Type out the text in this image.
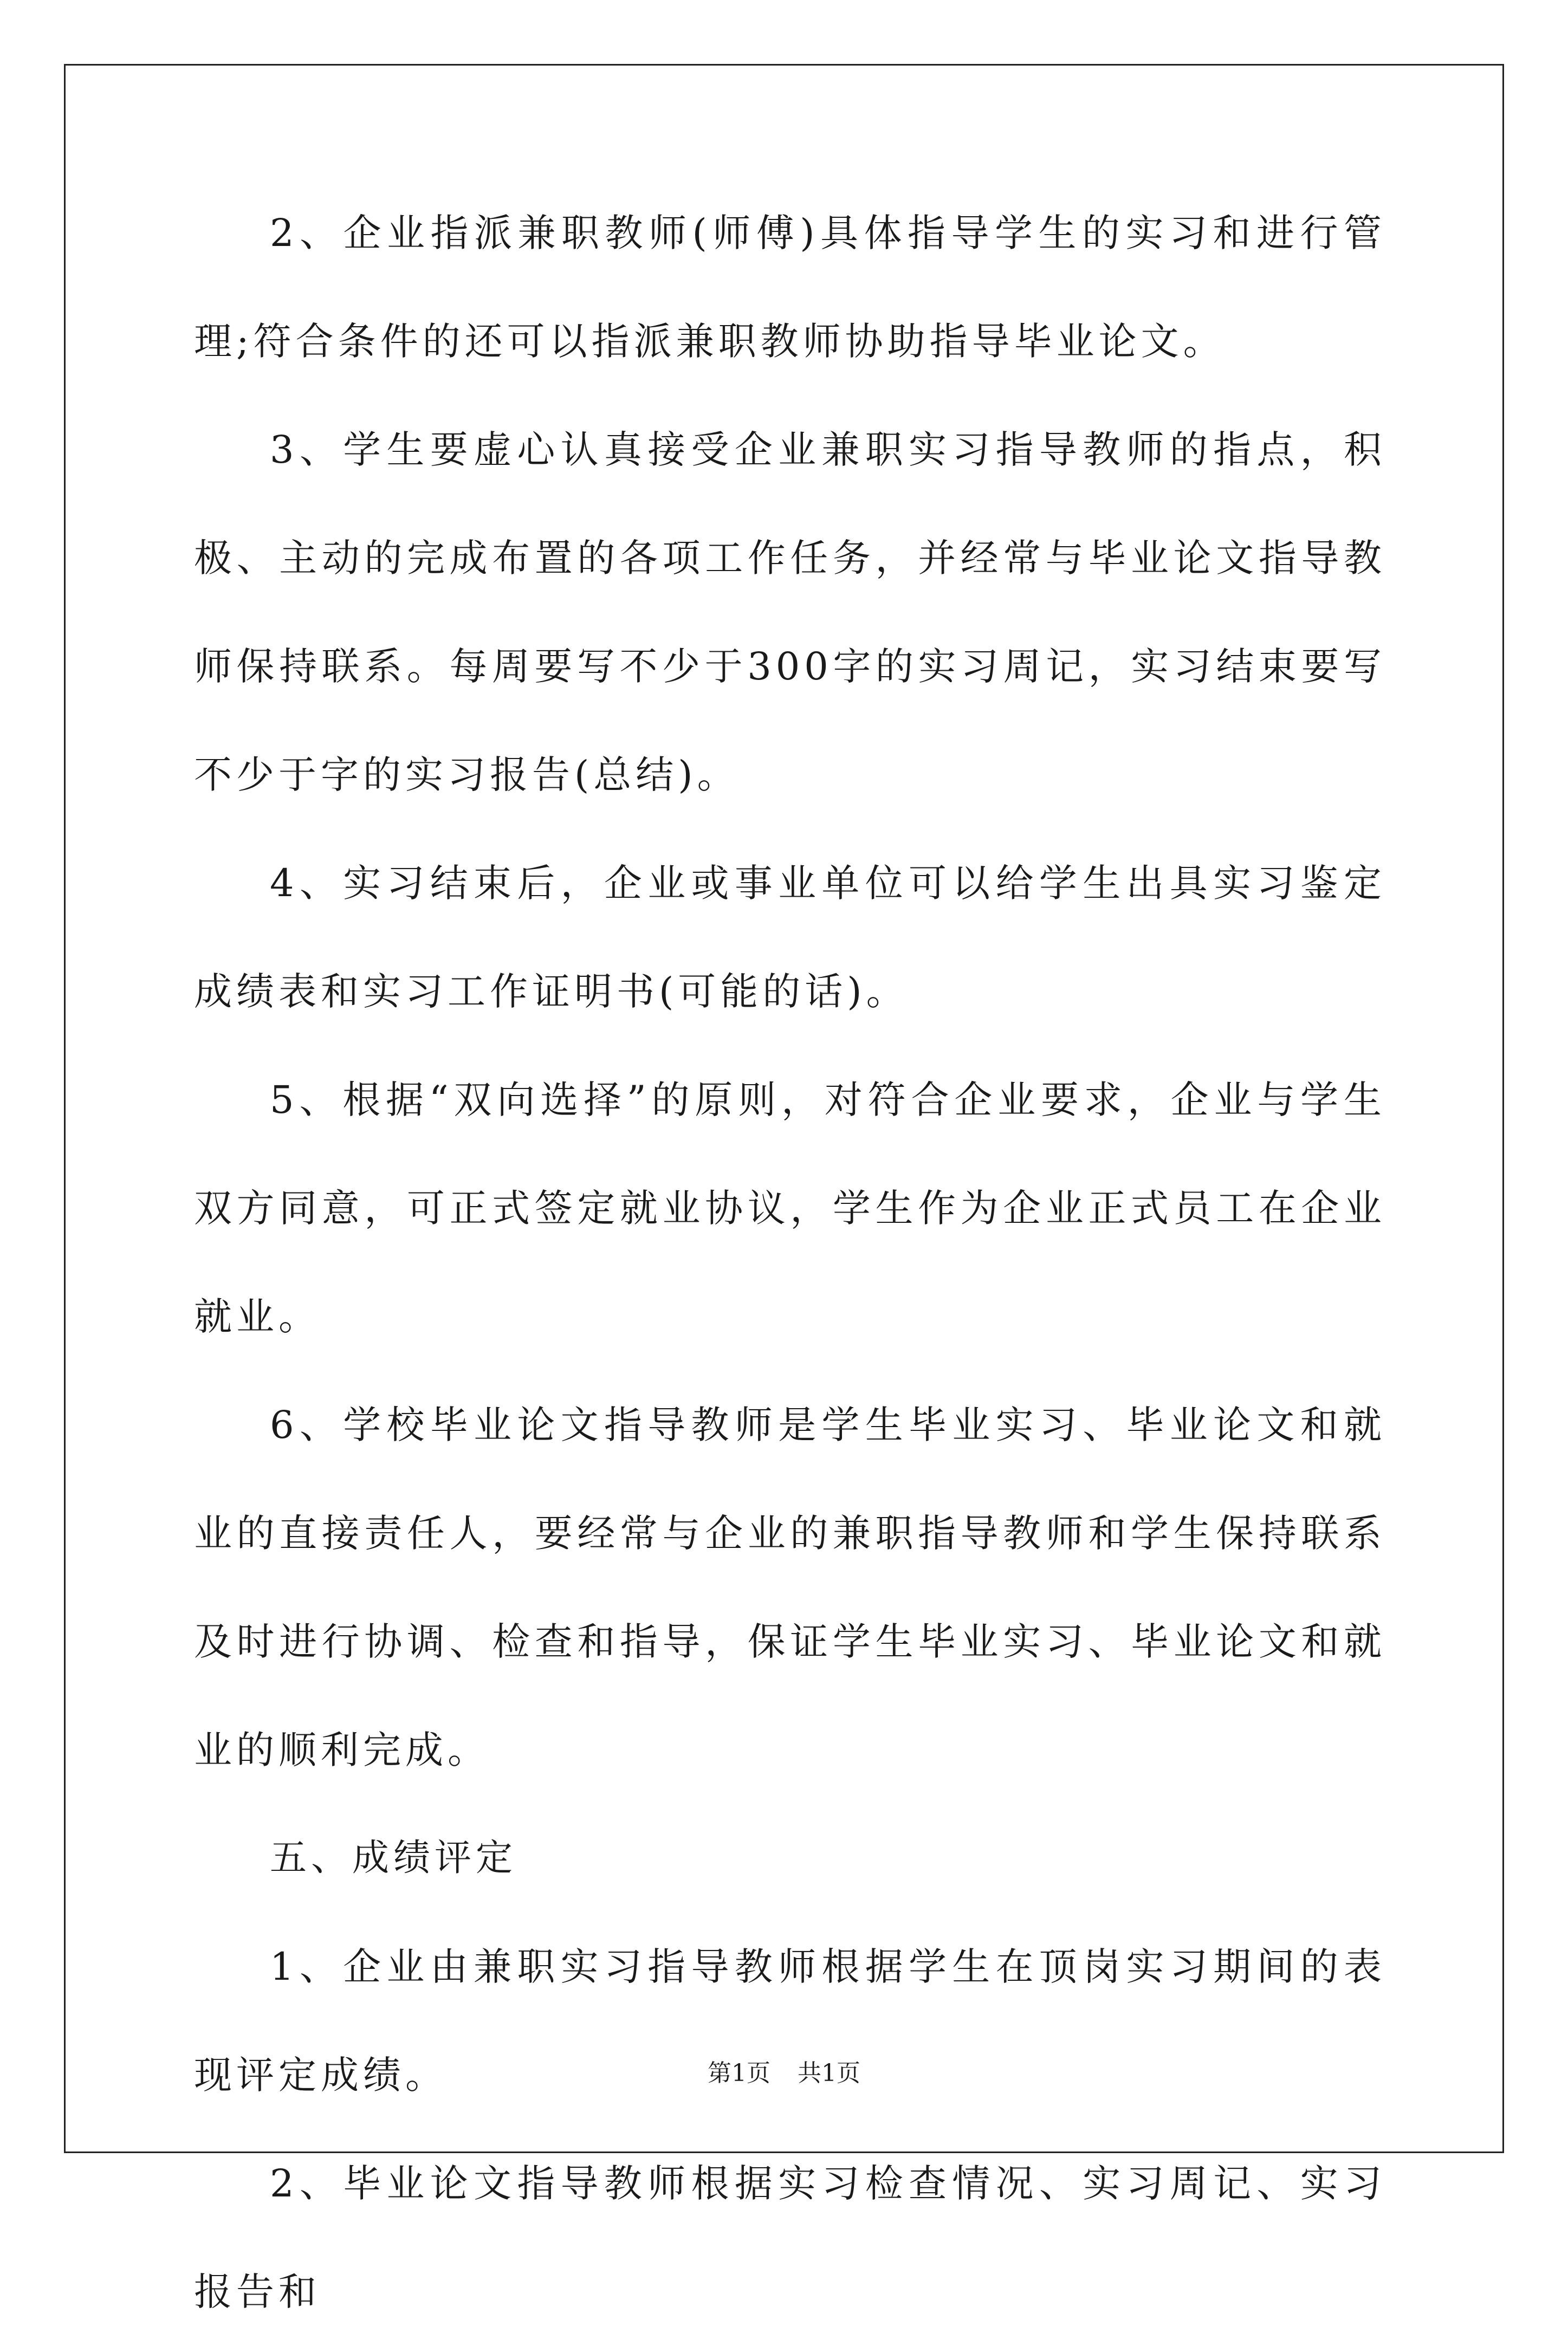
2、企业指派兼职教师(师傅)具体指导学生的实习和进行管理;符合条件的还可以指派兼职教师协助指导毕业论文。

3、学生要虚心认真接受企业兼职实习指导教师的指点，积极、主动的完成布置的各项工作任务，并经常与毕业论文指导教师保持联系。每周要写不少于300字的实习周记，实习结束要写不少于字的实习报告(总结)。

4、实习结束后，企业或事业单位可以给学生出具实习鉴定成绩表和实习工作证明书(可能的话)。

5、根据“双向选择”的原则，对符合企业要求，企业与学生双方同意，可正式签定就业协议，学生作为企业正式员工在企业就业。

6、学校毕业论文指导教师是学生毕业实习、毕业论文和就业的直接责任人，要经常与企业的兼职指导教师和学生保持联系及时进行协调、检查和指导，保证学生毕业实习、毕业论文和就业的顺利完成。

五、成绩评定

1、企业由兼职实习指导教师根据学生在顶岗实习期间的表现评定成绩。

2、毕业论文指导教师根据实习检查情况、实习周记、实习报告和

第1页 共1页
